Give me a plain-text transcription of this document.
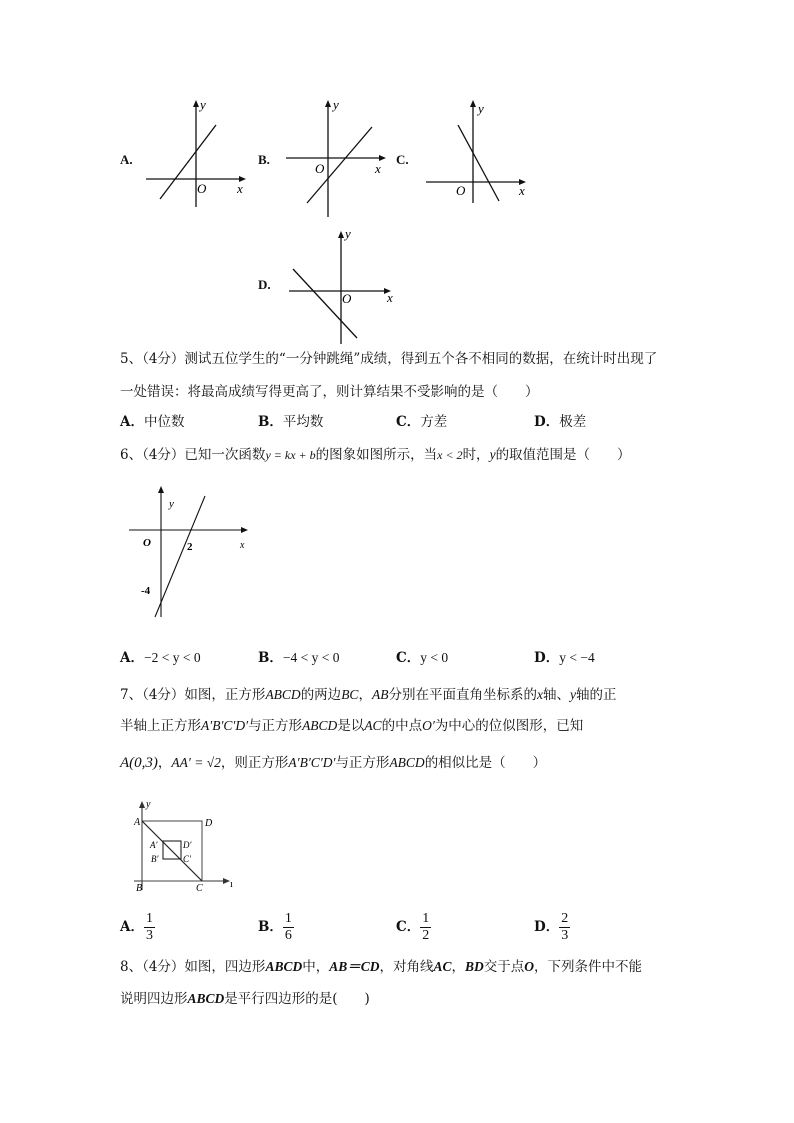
A.
y
x
O
B.
y
x
O
C.
y
x
O
D.
y
x
O
5、（4分）测试五位学生的“一分钟跳绳”成绩，得到五个各不相同的数据，在统计时出现了
一处错误：将最高成绩写得更高了，则计算结果不受影响的是（　　）
A．中位数	B．平均数	C．方差	D．极差
6、（4分）已知一次函数y = kx + b的图象如图所示，当x < 2时，y的取值范围是（　　）
y
O	2	x
-4
A．−2 < y < 0	B．−4 < y < 0	C．y < 0	D．y < −4
7、（4分）如图，正方形ABCD的两边BC，AB分别在平面直角坐标系的x轴、y轴的正
半轴上正方形A′B′C′D′与正方形ABCD是以AC的中点O′为中心的位似图形，已知
A(0,3)，AA′ = √2，则正方形A′B′C′D′与正方形ABCD的相似比是（　　）
y
ı
A	D
B	C
A′	D′
B′	C′
A． $\frac{1}{3}$	B． $\frac{1}{6}$	C． $\frac{1}{2}$	D． $\frac{2}{3}$
8、（4分）如图，四边形ABCD中，AB＝CD，对角线AC，BD交于点O，下列条件中不能
说明四边形ABCD是平行四边形的是(　　)
